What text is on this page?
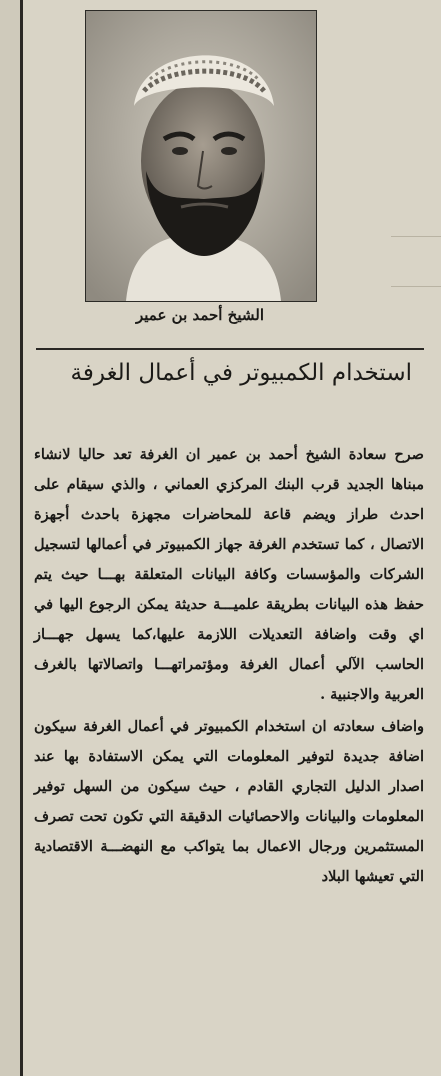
الشيخ أحمد بن عمير
استخدام الكمبيوتر في أعمال الغرفة

صرح سعادة الشيخ أحمد بن عمير ان الغرفة تعد حاليا لانشاء مبناها الجديد قرب البنك المركزي العماني ، والذي سيقام على احدث طراز ويضم قاعة للمحاضرات مجهزة باحدث أجهزة الاتصال ، كما تستخدم الغرفة جهاز الكمبيوتر في أعمالها لتسجيل الشركات والمؤسسات وكافة البيانات المتعلقة بهـــا حيث يتم حفظ هذه البيانات بطريقة علميـــة حديثة يمكن الرجوع اليها في اي وقت واضافة التعديلات اللازمة عليها،كما يسهل جهـــاز الحاسب الآلي أعمال الغرفة ومؤتمراتهـــا واتصالاتها بالغرف العربية والاجنبية .

واضاف سعادته ان استخدام الكمبيوتر في أعمال الغرفة سيكون اضافة جديدة لتوفير المعلومات التي يمكن الاستفادة بها عند اصدار الدليل التجاري القادم ، حيث سيكون من السهل توفير المعلومات والبيانات والاحصائيات الدقيقة التي تكون تحت تصرف المستثمرين ورجال الاعمال بما يتواكب مع النهضـــة الاقتصادية التي تعيشها البلاد
